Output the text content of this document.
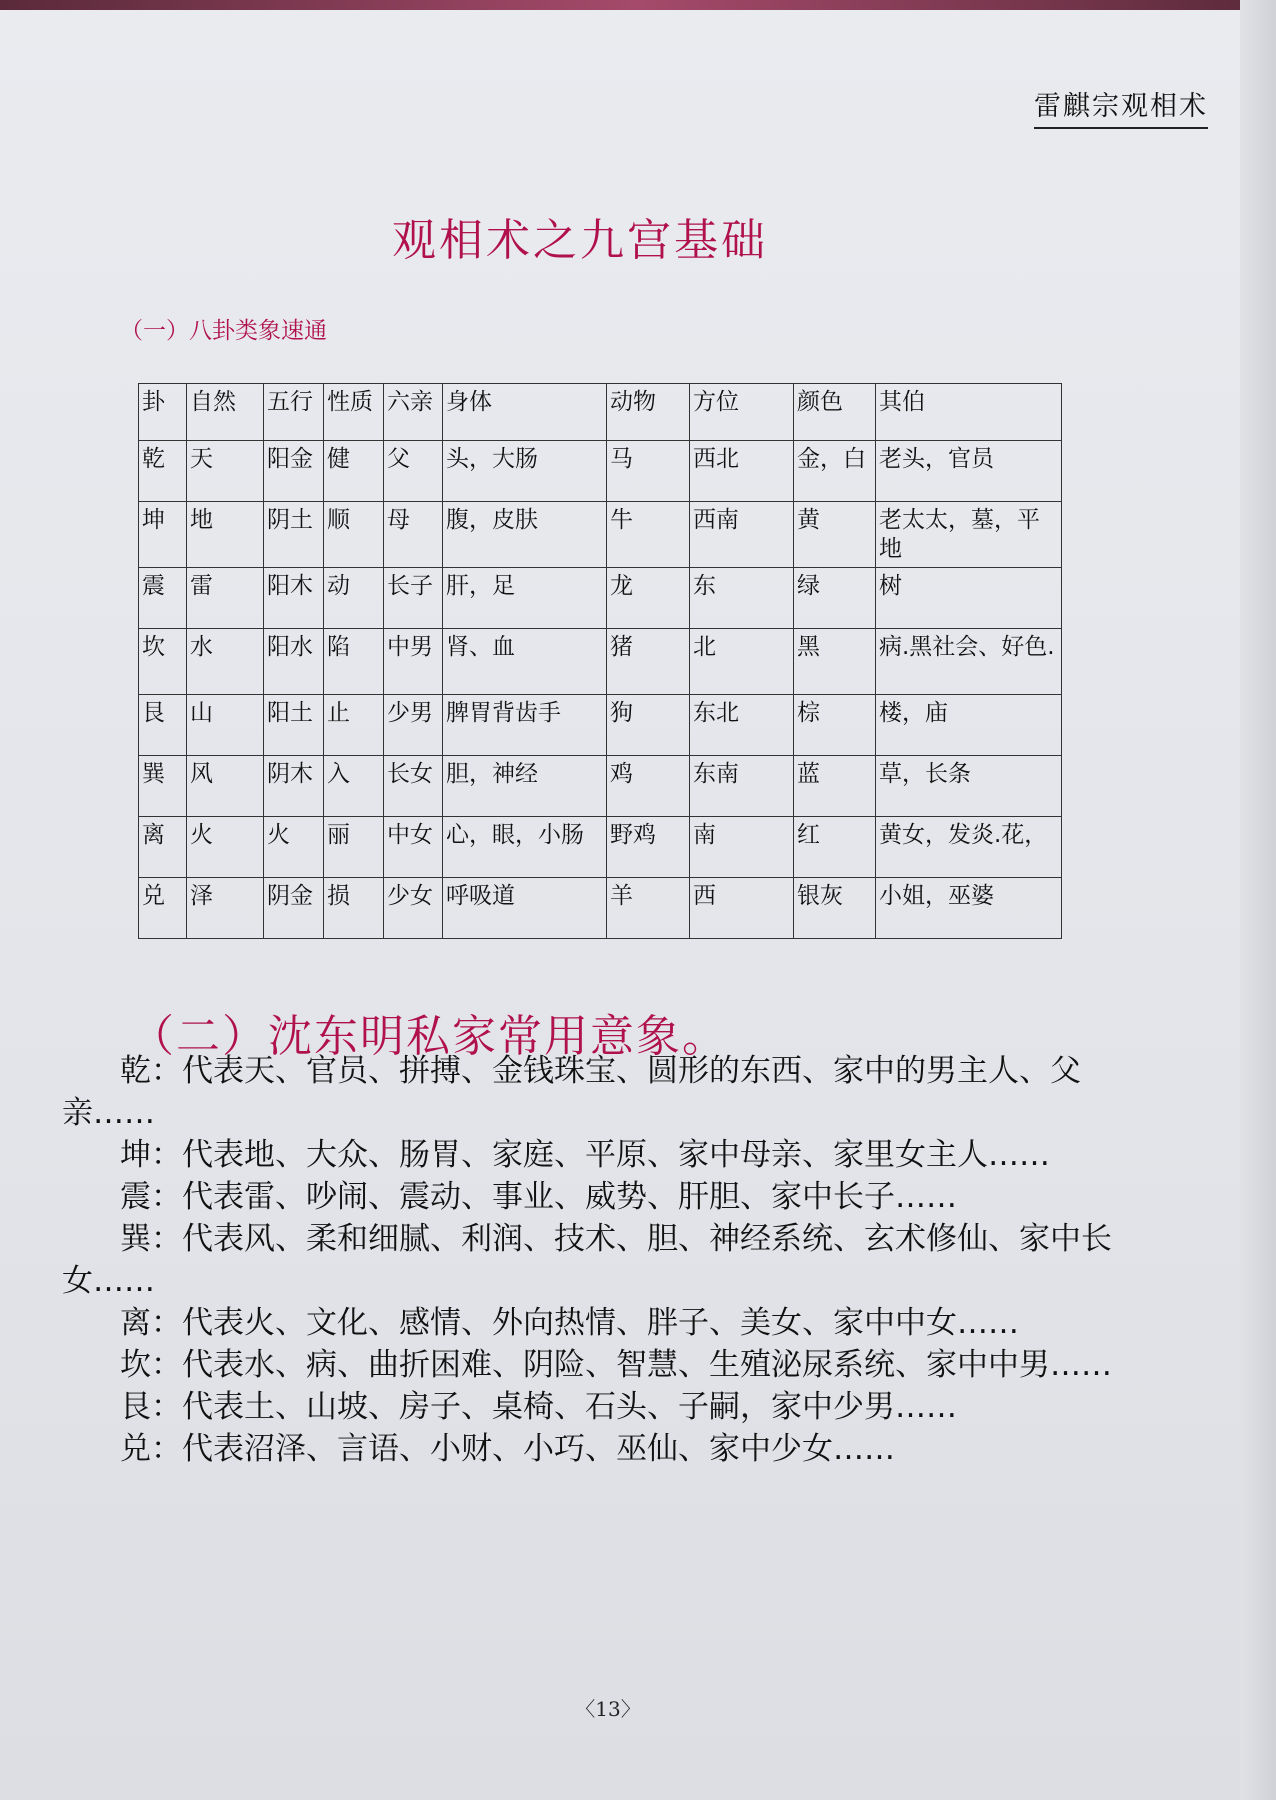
雷麒宗观相术
观相术之九宫基础
（一）八卦类象速通
卦	自然	五行	性质	六亲	身体	动物	方位	颜色	其伯
乾	天	阳金	健	父	头，大肠	马	西北	金，白	老头，官员
坤	地	阴土	顺	母	腹，皮肤	牛	西南	黄	老太太，墓，平地
震	雷	阳木	动	长子	肝，足	龙	东	绿	树
坎	水	阳水	陷	中男	肾、血	猪	北	黑	病.黑社会、好色.
艮	山	阳土	止	少男	脾胃背齿手	狗	东北	棕	楼，庙
巽	风	阴木	入	长女	胆，神经	鸡	东南	蓝	草，长条
离	火	火	丽	中女	心，眼，小肠	野鸡	南	红	黄女，发炎.花，
兑	泽	阴金	损	少女	呼吸道	羊	西	银灰	小姐，巫婆
（二）沈东明私家常用意象。

乾：代表天、官员、拼搏、金钱珠宝、圆形的东西、家中的男主人、父亲……

坤：代表地、大众、肠胃、家庭、平原、家中母亲、家里女主人……

震：代表雷、吵闹、震动、事业、威势、肝胆、家中长子……

巽：代表风、柔和细腻、利润、技术、胆、神经系统、玄术修仙、家中长女……

离：代表火、文化、感情、外向热情、胖子、美女、家中中女……

坎：代表水、病、曲折困难、阴险、智慧、生殖泌尿系统、家中中男……

艮：代表土、山坡、房子、桌椅、石头、子嗣，家中少男……

兑：代表沼泽、言语、小财、小巧、巫仙、家中少女……

〈13〉
